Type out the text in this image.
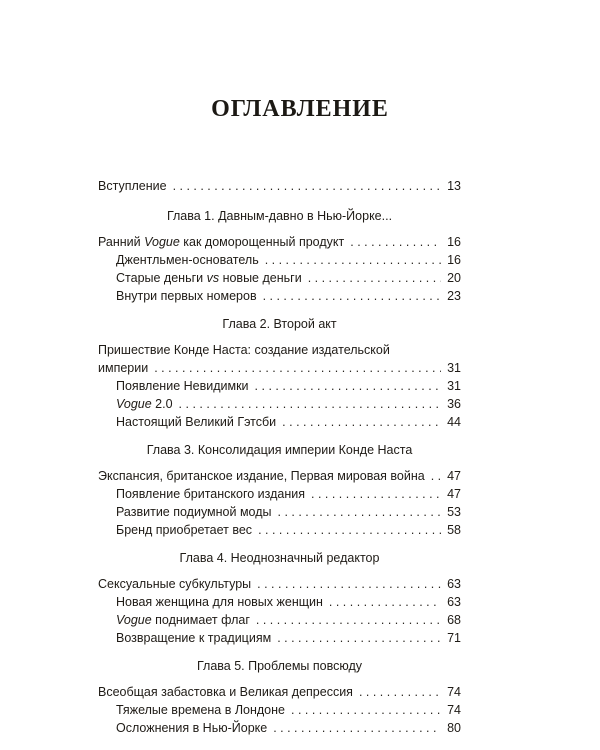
ОГЛАВЛЕНИЕ
Вступление . . .	13
Глава 1. Давным-давно в Нью-Йорке...
Ранний Vogue как доморощенный продукт . . .	16
Джентльмен-основатель . . .	16
Старые деньги vs новые деньги . . .	20
Внутри первых номеров . . .	23
Глава 2. Второй акт
Пришествие Конде Наста: создание издательской
империи . . .	31
Появление Невидимки . . .	31
Vogue 2.0 . . .	36
Настоящий Великий Гэтсби . . .	44
Глава 3. Консолидация империи Конде Наста
Экспансия, британское издание, Первая мировая война . . . 47
Появление британского издания . . .	47
Развитие подиумной моды . . .	53
Бренд приобретает вес . . .	58
Глава 4. Неоднозначный редактор
Сексуальные субкультуры . . .	63
Новая женщина для новых женщин . . .	63
Vogue поднимает флаг . . .	68
Возвращение к традициям . . .	71
Глава 5. Проблемы повсюду
Всеобщая забастовка и Великая депрессия . . .	74
Тяжелые времена в Лондоне . . .	74
Осложнения в Нью-Йорке . . .	80
